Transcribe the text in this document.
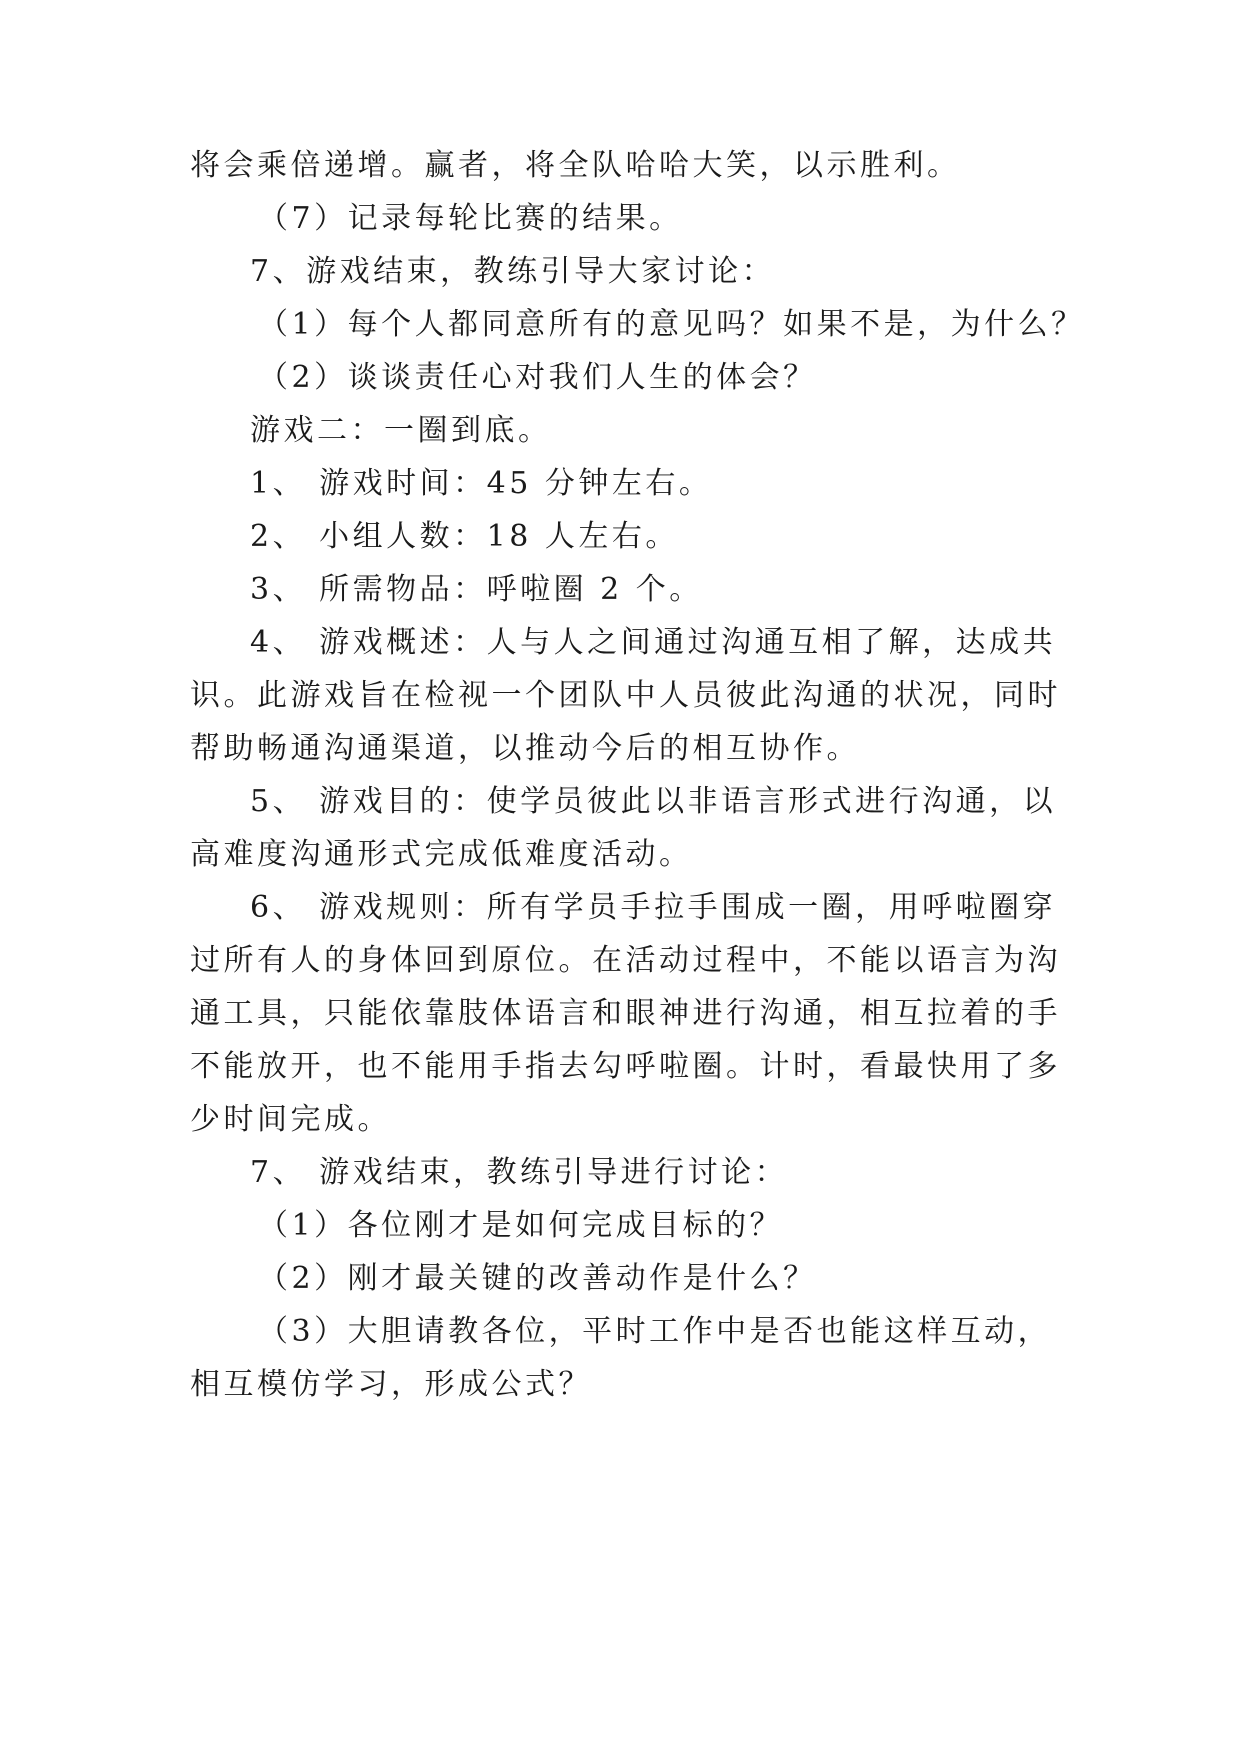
将会乘倍递增。赢者，将全队哈哈大笑，以示胜利。
（7）记录每轮比赛的结果。
7、游戏结束，教练引导大家讨论：
（1）每个人都同意所有的意见吗？如果不是，为什么？
（2）谈谈责任心对我们人生的体会？
游戏二：一圈到底。
1、 游戏时间：45 分钟左右。
2、 小组人数：18 人左右。
3、 所需物品：呼啦圈 2 个。
4、 游戏概述：人与人之间通过沟通互相了解，达成共
识。此游戏旨在检视一个团队中人员彼此沟通的状况，同时
帮助畅通沟通渠道，以推动今后的相互协作。
5、 游戏目的：使学员彼此以非语言形式进行沟通，以
高难度沟通形式完成低难度活动。
6、 游戏规则：所有学员手拉手围成一圈，用呼啦圈穿
过所有人的身体回到原位。在活动过程中，不能以语言为沟
通工具，只能依靠肢体语言和眼神进行沟通，相互拉着的手
不能放开，也不能用手指去勾呼啦圈。计时，看最快用了多
少时间完成。
7、 游戏结束，教练引导进行讨论：
（1）各位刚才是如何完成目标的？
（2）刚才最关键的改善动作是什么？
（3）大胆请教各位，平时工作中是否也能这样互动，
相互模仿学习，形成公式？
